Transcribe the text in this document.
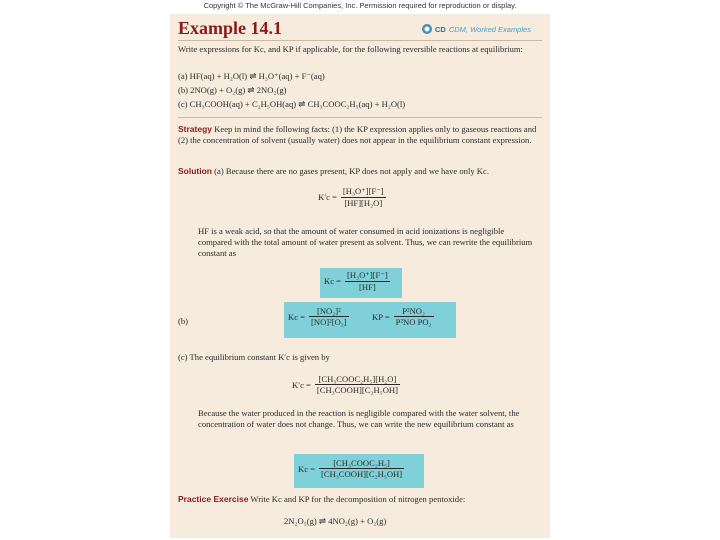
Copyright © The McGraw-Hill Companies, Inc. Permission required for reproduction or display.
Example 14.1	CD CDM, Worked Examples
Write expressions for Kc, and KP if applicable, for the following reversible reactions at equilibrium:
(a) HF(aq) + H₂O(l) ⇌ H₃O⁺(aq) + F⁻(aq)
(b) 2NO(g) + O₂(g) ⇌ 2NO₂(g)
(c) CH₃COOH(aq) + C₂H₅OH(aq) ⇌ CH₃COOC₂H₅(aq) + H₂O(l)
Strategy Keep in mind the following facts: (1) the KP expression applies only to gaseous reactions and (2) the concentration of solvent (usually water) does not appear in the equilibrium constant expression.
Solution (a) Because there are no gases present, KP does not apply and we have only Kc.
$K'c = \frac{\text{[H₃O⁺][F⁻]}}{\text{[HF][H₂O]}}$
HF is a weak acid, so that the amount of water consumed in acid ionizations is negligible compared with the total amount of water present as solvent. Thus, we can rewrite the equilibrium constant as
$Kc = \frac{\text{[H₃O⁺][F⁻]}}{[HF]}$
(b)	$Kc = \frac{\text{[NO₂]²}}{\text{[NO]²[O₂]}}$	KP = $\frac{\text{P²NO₂}}{\text{P²NO PO₂}}$
(c) The equilibrium constant K′c is given by
$K'c = \frac{\text{[CH₃COOC₂H₅][H₂O]}}{\text{[CH₃COOH][C₂H₅OH]}}$
Because the water produced in the reaction is negligible compared with the water solvent, the concentration of water does not change. Thus, we can write the new equilibrium constant as
$Kc = \frac{\text{[CH₃COOC₂H₅]}}{\text{[CH₃COOH][C₂H₅OH]}}$
Practice Exercise Write Kc and KP for the decomposition of nitrogen pentoxide:
2N₂O₅(g) ⇌ 4NO₂(g) + O₂(g)
